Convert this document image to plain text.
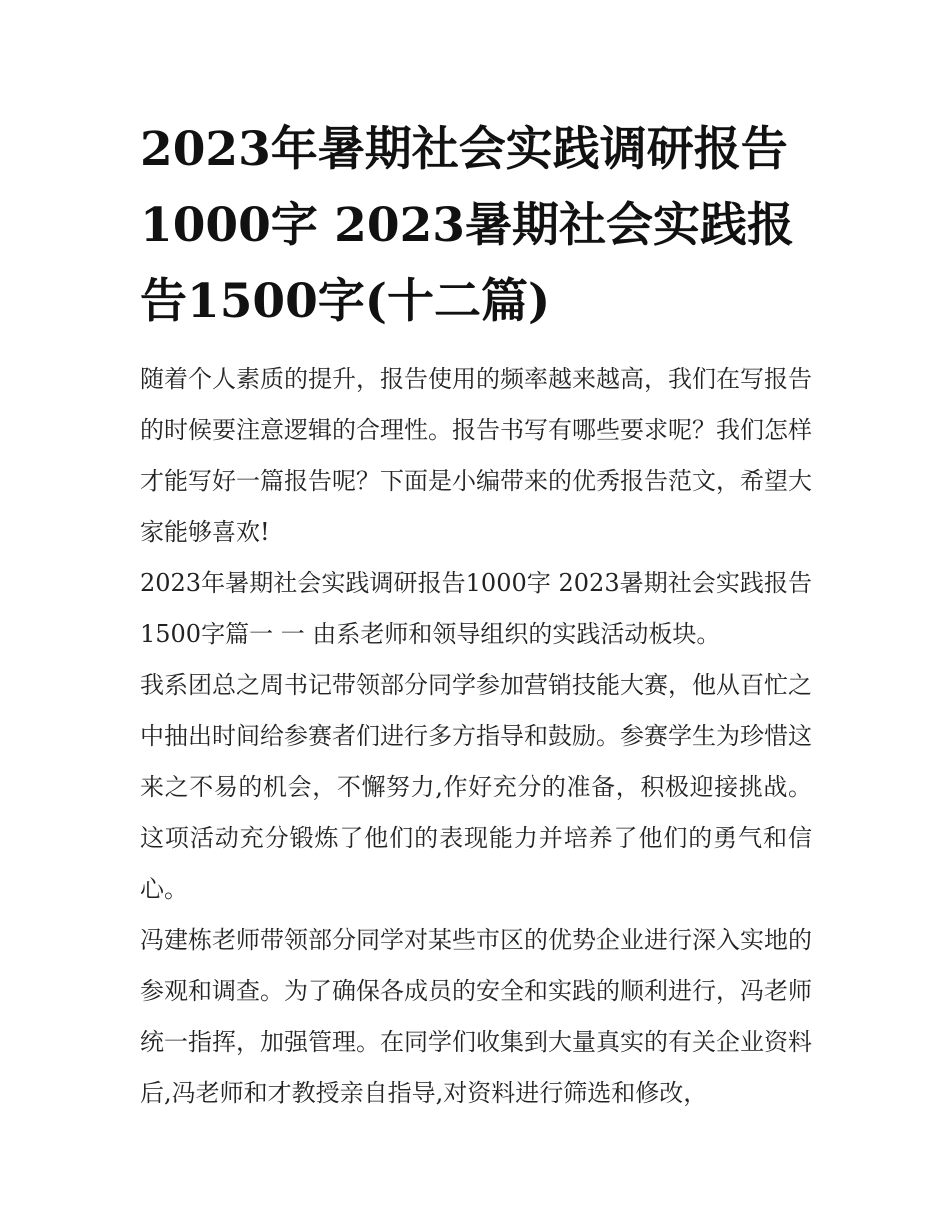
2023年暑期社会实践调研报告1000字 2023暑期社会实践报告1500字(十二篇)

随着个人素质的提升，报告使用的频率越来越高，我们在写报告的时候要注意逻辑的合理性。报告书写有哪些要求呢？我们怎样才能写好一篇报告呢？下面是小编带来的优秀报告范文，希望大家能够喜欢!

2023年暑期社会实践调研报告1000字 2023暑期社会实践报告1500字篇一 一 由系老师和领导组织的实践活动板块。

我系团总之周书记带领部分同学参加营销技能大赛，他从百忙之中抽出时间给参赛者们进行多方指导和鼓励。参赛学生为珍惜这来之不易的机会，不懈努力,作好充分的准备，积极迎接挑战。这项活动充分锻炼了他们的表现能力并培养了他们的勇气和信心。

冯建栋老师带领部分同学对某些市区的优势企业进行深入实地的参观和调查。为了确保各成员的安全和实践的顺利进行，冯老师统一指挥，加强管理。在同学们收集到大量真实的有关企业资料后,冯老师和才教授亲自指导,对资料进行筛选和修改，
